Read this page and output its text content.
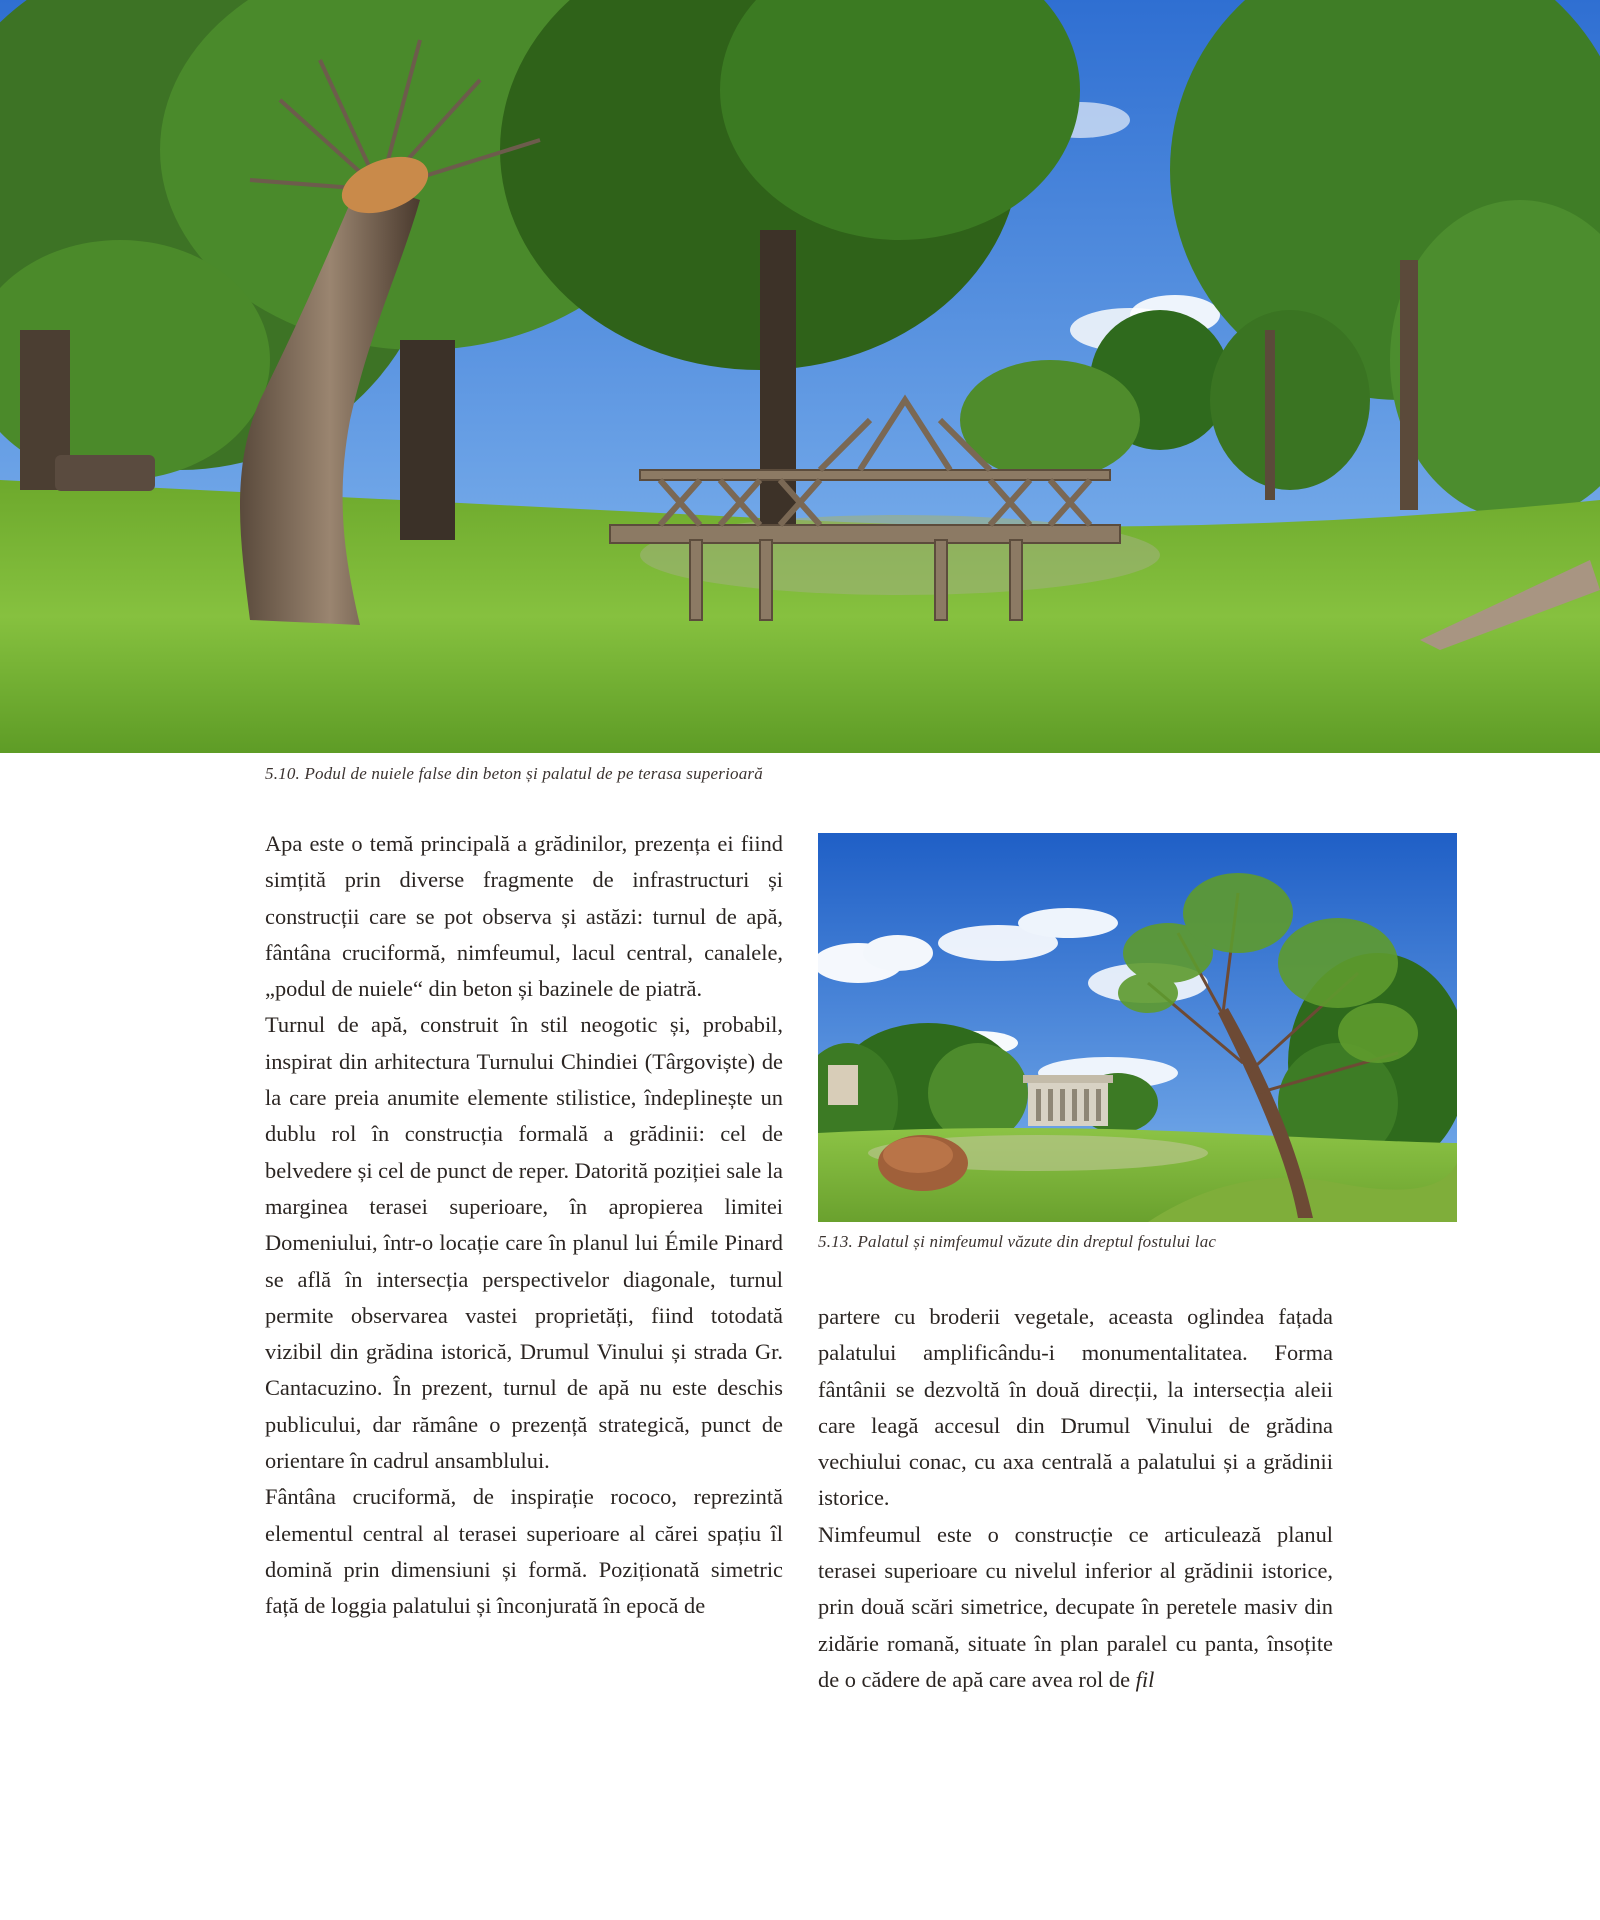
5.10. Podul de nuiele false din beton și palatul de pe terasa superioară

Apa este o temă principală a grădinilor, prezența ei fiind simțită prin diverse fragmente de infrastructuri și construcții care se pot observa și astăzi: turnul de apă, fântâna cruciformă, nimfeumul, lacul central, canalele, „podul de nuiele“ din beton și bazinele de piatră.

Turnul de apă, construit în stil neogotic și, probabil, inspirat din arhitectura Turnului Chindiei (Târgoviște) de la care preia anumite elemente stilistice, îndeplinește un dublu rol în construcția formală a grădinii: cel de belvedere și cel de punct de reper. Datorită poziției sale la marginea terasei superioare, în apropierea limitei Domeniului, într-o locație care în planul lui Émile Pinard se află în intersecția perspectivelor diagonale, turnul permite observarea vastei proprietăți, fiind totodată vizibil din grădina istorică, Drumul Vinului și strada Gr. Cantacuzino. În prezent, turnul de apă nu este deschis publicului, dar rămâne o prezență strategică, punct de orientare în cadrul ansamblului.

Fântâna cruciformă, de inspirație rococo, reprezintă elementul central al terasei superioare al cărei spațiu îl domină prin dimensiuni și formă. Poziționată simetric față de loggia palatului și înconjurată în epocă de

5.13. Palatul și nimfeumul văzute din dreptul fostului lac

partere cu broderii vegetale, aceasta oglindea fațada palatului amplificându-i monumentalitatea. Forma fântânii se dezvoltă în două direcții, la intersecția aleii care leagă accesul din Drumul Vinului de grădina vechiului conac, cu axa centrală a palatului și a grădinii istorice.

Nimfeumul este o construcție ce articulează planul terasei superioare cu nivelul inferior al grădinii istorice, prin două scări simetrice, decupate în peretele masiv din zidărie romană, situate în plan paralel cu panta, însoțite de o cădere de apă care avea rol de fil
